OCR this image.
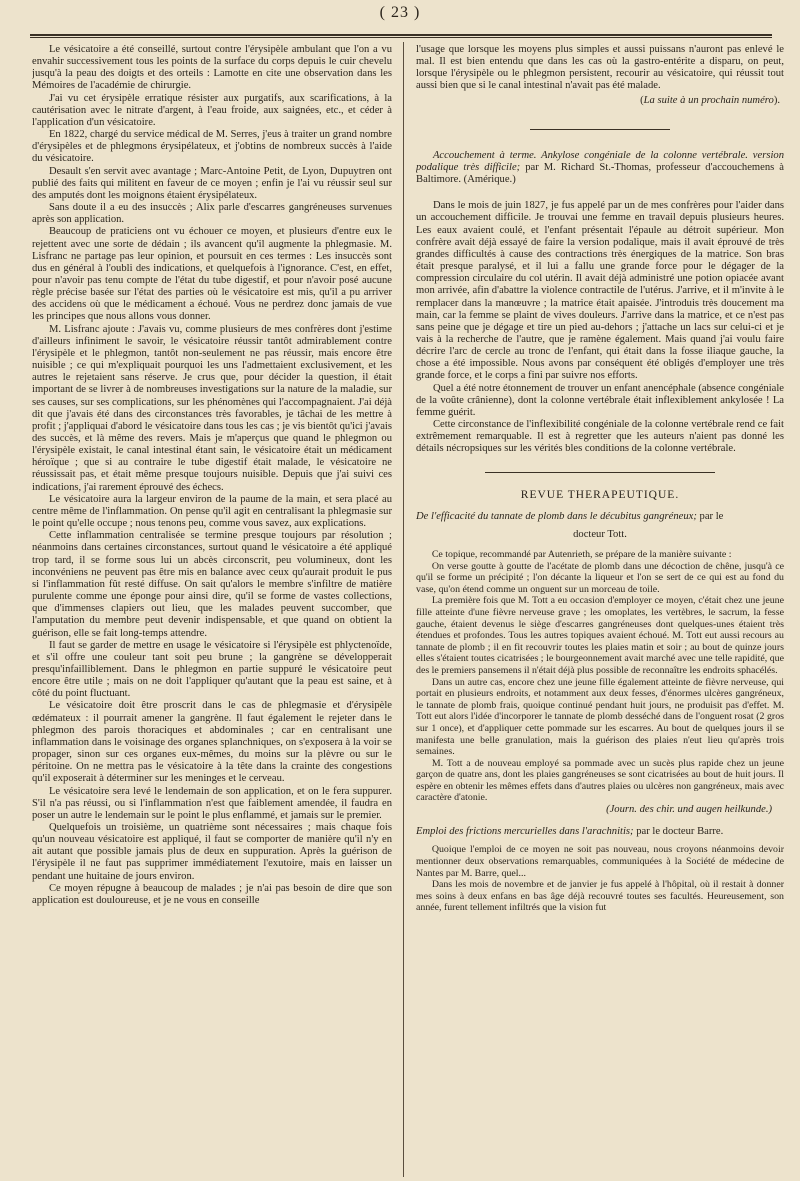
( 23 )

Le vésicatoire a été conseillé, surtout contre l'érysipèle ambulant que l'on a vu envahir successivement tous les points de la surface du corps depuis le cuir chevelu jusqu'à la peau des doigts et des orteils : Lamotte en cite une observation dans les Mémoires de l'académie de chirurgie.

J'ai vu cet érysipèle erratique résister aux purgatifs, aux scarifications, à la cautérisation avec le nitrate d'argent, à l'eau froide, aux saignées, etc., et céder à l'application d'un vésicatoire.

En 1822, chargé du service médical de M. Serres, j'eus à traiter un grand nombre d'érysipèles et de phlegmons érysipélateux, et j'obtins de nombreux succès à l'aide du vésicatoire.

Desault s'en servit avec avantage ; Marc-Antoine Petit, de Lyon, Dupuytren ont publié des faits qui militent en faveur de ce moyen ; enfin je l'ai vu réussir seul sur des amputés dont les moignons étaient érysipélateux.

Sans doute il a eu des insuccès ; Alix parle d'escarres gangréneuses survenues après son application.

Beaucoup de praticiens ont vu échouer ce moyen, et plusieurs d'entre eux le rejettent avec une sorte de dédain ; ils avancent qu'il augmente la phlegmasie. M. Lisfranc ne partage pas leur opinion, et poursuit en ces termes : Les insuccès sont dus en général à l'oubli des indications, et quelquefois à l'ignorance. C'est, en effet, pour n'avoir pas tenu compte de l'état du tube digestif, et pour n'avoir posé aucune règle précise basée sur l'état des parties où le vésicatoire est mis, qu'il a pu arriver des accidens où que le médicament a échoué. Vous ne perdrez donc jamais de vue les principes que nous allons vous donner.

M. Lisfranc ajoute : J'avais vu, comme plusieurs de mes confrères dont j'estime d'ailleurs infiniment le savoir, le vésicatoire réussir tantôt admirablement contre l'érysipèle et le phlegmon, tantôt non-seulement ne pas réussir, mais encore être nuisible ; ce qui m'expliquait pourquoi les uns l'admettaient exclusivement, et les autres le rejetaient sans réserve. Je crus que, pour décider la question, il était important de se livrer à de nombreuses investigations sur la nature de la maladie, sur ses causes, sur ses complications, sur les phénomènes qui l'accompagnaient. J'ai déjà dit que j'avais été dans des circonstances très favorables, je tâchai de les mettre à profit ; j'appliquai d'abord le vésicatoire dans tous les cas ; je vis bientôt qu'ici j'avais des succès, et là même des revers. Mais je m'aperçus que quand le phlegmon ou l'érysipèle existait, le canal intestinal étant sain, le vésicatoire était un médicament héroïque ; que si au contraire le tube digestif était malade, le vésicatoire ne réussissait pas, et était même presque toujours nuisible. Depuis que j'ai suivi ces indications, j'ai rarement éprouvé des échecs.

Le vésicatoire aura la largeur environ de la paume de la main, et sera placé au centre même de l'inflammation. On pense qu'il agit en centralisant la phlegmasie sur le point qu'elle occupe ; nous tenons peu, comme vous savez, aux explications.

Cette inflammation centralisée se termine presque toujours par résolution ; néanmoins dans certaines circonstances, surtout quand le vésicatoire a été appliqué trop tard, il se forme sous lui un abcès circonscrit, peu volumineux, dont les inconvéniens ne peuvent pas être mis en balance avec ceux qu'aurait produit le pus si l'inflammation fût resté diffuse. On sait qu'alors le membre s'infiltre de matière purulente comme une éponge pour ainsi dire, qu'il se forme de vastes collections, que d'immenses clapiers out lieu, que les malades peuvent succomber, que l'amputation du membre peut devenir indispensable, et que quand on obtient la guérison, elle se fait long-temps attendre.

Il faut se garder de mettre en usage le vésicatoire si l'érysipèle est phlyctenoïde, et s'il offre une couleur tant soit peu brune ; la gangrène se développerait presqu'infailliblement. Dans le phlegmon en partie suppuré le vésicatoire peut encore être utile ; mais on ne doit l'appliquer qu'autant que la peau est saine, et à côté du point fluctuant.

Le vésicatoire doit être proscrit dans le cas de phlegmasie et d'érysipèle œdémateux : il pourrait amener la gangrène. Il faut également le rejeter dans le phlegmon des parois thoraciques et abdominales ; car en centralisant une inflammation dans le voisinage des organes splanchniques, on s'exposera à la voir se propager, sinon sur ces organes eux-mêmes, du moins sur la plèvre ou sur le péritoine. On ne mettra pas le vésicatoire à la tête dans la crainte des congestions qu'il exposerait à déterminer sur les meninges et le cerveau.

Le vésicatoire sera levé le lendemain de son application, et on le fera suppurer. S'il n'a pas réussi, ou si l'inflammation n'est que faiblement amendée, il faudra en poser un autre le lendemain sur le point le plus enflammé, et jamais sur le premier.

Quelquefois un troisième, un quatrième sont nécessaires ; mais chaque fois qu'un nouveau vésicatoire est appliqué, il faut se comporter de manière qu'il n'y en ait autant que possible jamais plus de deux en suppuration. Après la guérison de l'érysipèle il ne faut pas supprimer immédiatement l'exutoire, mais en laisser un pendant une huitaine de jours environ.

Ce moyen répugne à beaucoup de malades ; je n'ai pas besoin de dire que son application est douloureuse, et je ne vous en conseille

l'usage que lorsque les moyens plus simples et aussi puissans n'auront pas enlevé le mal. Il est bien entendu que dans les cas où la gastro-entérite a disparu, on peut, lorsque l'érysipèle ou le phlegmon persistent, recourir au vésicatoire, qui réussit tout aussi bien que si le canal intestinal n'avait pas été malade.

( La suite à un prochain numéro ).
Accouchement à terme. Ankylose congéniale de la colonne vertébrale. version podalique très difficile; par M. Richard St.-Thomas, professeur d'accouchemens à Baltimore. (Amérique.)

Dans le mois de juin 1827, je fus appelé par un de mes confrères pour l'aider dans un accouchement difficile. Je trouvai une femme en travail depuis plusieurs heures. Les eaux avaient coulé, et l'enfant présentait l'épaule au détroit supérieur. Mon confrère avait déjà essayé de faire la version podalique, mais il avait éprouvé de très grandes difficultés à cause des contractions très énergiques de la matrice. Son bras était presque paralysé, et il lui a fallu une grande force pour le dégager de la compression circulaire du col utérin. Il avait déjà administré une potion opiacée avant mon arrivée, afin d'abattre la violence contractile de l'utérus. J'arrive, et il m'invite à le remplacer dans la manœuvre ; la matrice était apaisée. J'introduis très doucement ma main, car la femme se plaint de vives douleurs. J'arrive dans la matrice, et ce n'est pas sans peine que je dégage et tire un pied au-dehors ; j'attache un lacs sur celui-ci et je vais à la recherche de l'autre, que je ramène également. Mais quand j'ai voulu faire décrire l'arc de cercle au tronc de l'enfant, qui était dans la fosse iliaque gauche, la chose a été impossible. Nous avons par conséquent été obligés d'employer une très grande force, et le corps a fini par suivre nos efforts.

Quel a été notre étonnement de trouver un enfant anencéphale (absence congéniale de la voûte crânienne), dont la colonne vertébrale était inflexiblement ankylosée ! La femme guérit.

Cette circonstance de l'inflexibilité congéniale de la colonne vertébrale rend ce fait extrêmement remarquable. Il est à regretter que les auteurs n'aient pas donné les détails nécropsiques sur les vérités bles conditions de la colonne vertébrale.

REVUE THERAPEUTIQUE.
De l'efficacité du tannate de plomb dans le décubitus gangréneux; par le
docteur Tott.

Ce topique, recommandé par Autenrieth, se prépare de la manière suivante :

On verse goutte à goutte de l'acétate de plomb dans une décoction de chêne, jusqu'à ce qu'il se forme un précipité ; l'on décante la liqueur et l'on se sert de ce qui est au fond du vase, qu'on étend comme un onguent sur un morceau de toile.

La première fois que M. Tott a eu occasion d'employer ce moyen, c'était chez une jeune fille atteinte d'une fièvre nerveuse grave ; les omoplates, les vertèbres, le sacrum, la fesse gauche, étaient devenus le siège d'escarres gangréneuses dont quelques-unes étaient très étendues et profondes. Tous les autres topiques avaient échoué. M. Tott eut aussi recours au tannate de plomb ; il en fit recouvrir toutes les plaies matin et soir ; au bout de quinze jours elles s'étaient toutes cicatrisées ; le bourgeonnement avait marché avec une telle rapidité, que des le premiers pansemens il n'était déjà plus possible de reconnaître les endroits sphacélés.

Dans un autre cas, encore chez une jeune fille également atteinte de fièvre nerveuse, qui portait en plusieurs endroits, et notamment aux deux fesses, d'énormes ulcères gangréneux, le tannate de plomb frais, quoique continué pendant huit jours, ne produisit pas d'effet. M. Tott eut alors l'idée d'incorporer le tannate de plomb desséché dans de l'onguent rosat (2 gros sur 1 once), et d'appliquer cette pommade sur les escarres. Au bout de quelques jours il se manifesta une belle granulation, mais la guérison des plaies n'eut lieu qu'après trois semaines.

M. Tott a de nouveau employé sa pommade avec un sucès plus rapide chez un jeune garçon de quatre ans, dont les plaies gangréneuses se sont cicatrisées au bout de huit jours. Il espère en obtenir les mêmes effets dans d'autres plaies ou ulcères non gangréneux, mais avec caractère d'atonie.

(Journ. des chir. und augen heilkunde.)
Emploi des frictions mercurielles dans l'arachnitis; par le docteur Barre.

Quoique l'emploi de ce moyen ne soit pas nouveau, nous croyons néanmoins devoir mentionner deux observations remarquables, communiquées à la Société de médecine de Nantes par M. Barre, quel...

Dans les mois de novembre et de janvier je fus appelé à l'hôpital, où il restait à donner mes soins à deux enfans en bas âge déjà recouvré toutes ses facultés. Heureusement, son année, furent tellement infiltrés que la vision fut
